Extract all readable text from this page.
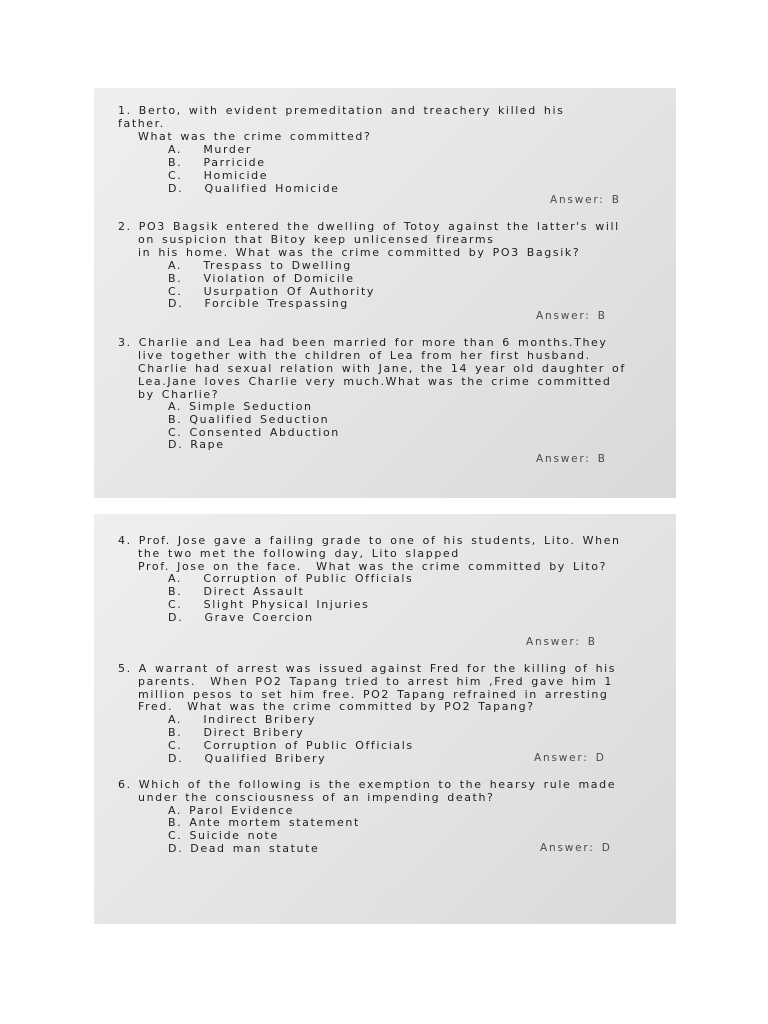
1. Berto, with evident premeditation and treachery killed his
father.
What was the crime committed?
A.   Murder
B.   Parricide
C.   Homicide
D.   Qualified Homicide
Answer: B
2. PO3 Bagsik entered the dwelling of Totoy against the latter's will
on suspicion that Bitoy keep unlicensed firearms
in his home. What was the crime committed by PO3 Bagsik?
A.   Trespass to Dwelling
B.   Violation of Domicile
C.   Usurpation Of Authority
D.   Forcible Trespassing
Answer: B
3. Charlie and Lea had been married for more than 6 months.They
live together with the children of Lea from her first husband.
Charlie had sexual relation with Jane, the 14 year old daughter of
Lea.Jane loves Charlie very much.What was the crime committed
by Charlie?
A. Simple Seduction
B. Qualified Seduction
C. Consented Abduction
D. Rape
Answer: B
4. Prof. Jose gave a failing grade to one of his students, Lito. When
the two met the following day, Lito slapped
Prof. Jose on the face.  What was the crime committed by Lito?
A.   Corruption of Public Officials
B.   Direct Assault
C.   Slight Physical Injuries
D.   Grave Coercion
Answer: B
5. A warrant of arrest was issued against Fred for the killing of his
parents.  When PO2 Tapang tried to arrest him ,Fred gave him 1
million pesos to set him free. PO2 Tapang refrained in arresting
Fred.  What was the crime committed by PO2 Tapang?
A.   Indirect Bribery
B.   Direct Bribery
C.   Corruption of Public Officials
D.   Qualified Bribery	Answer: D
6. Which of the following is the exemption to the hearsy rule made
under the consciousness of an impending death?
A. Parol Evidence
B. Ante mortem statement
C. Suicide note
D. Dead man statute	Answer: D
